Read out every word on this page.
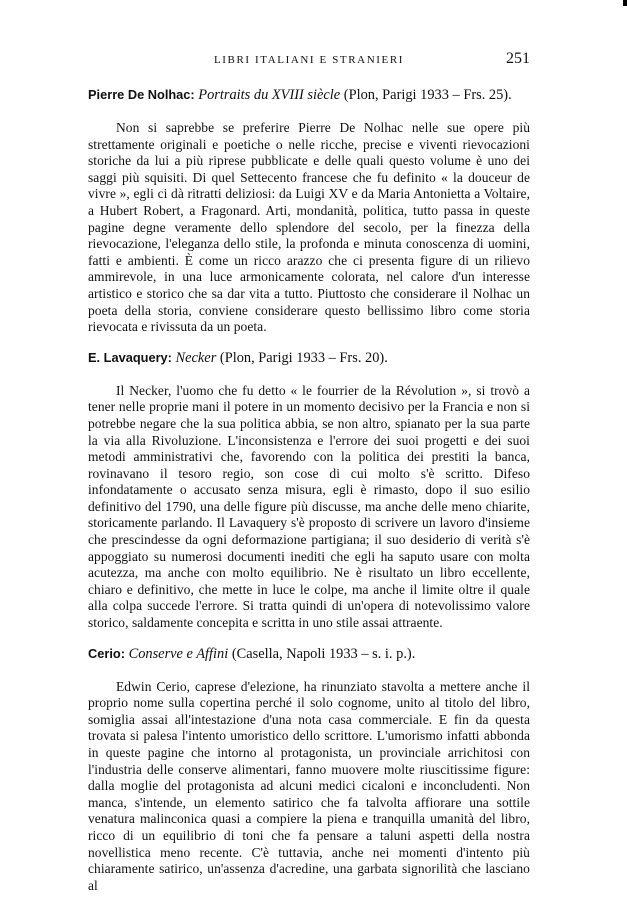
LIBRI ITALIANI E STRANIERI	251
Pierre De Nolhac: Portraits du XVIII siècle (Plon, Parigi 1933 – Frs. 25).

Non si saprebbe se preferire Pierre De Nolhac nelle sue opere più strettamente originali e poetiche o nelle ricche, precise e viventi rievocazioni storiche da lui a più riprese pubblicate e delle quali questo volume è uno dei saggi più squisiti. Di quel Settecento francese che fu definito « la douceur de vivre », egli ci dà ritratti deliziosi: da Luigi XV e da Maria Antonietta a Voltaire, a Hubert Robert, a Fragonard. Arti, mondanità, politica, tutto passa in queste pagine degne veramente dello splendore del secolo, per la finezza della rievocazione, l'eleganza dello stile, la profonda e minuta conoscenza di uomini, fatti e ambienti. È come un ricco arazzo che ci presenta figure di un rilievo ammirevole, in una luce armonicamente colorata, nel calore d'un interesse artistico e storico che sa dar vita a tutto. Piuttosto che considerare il Nolhac un poeta della storia, conviene considerare questo bellissimo libro come storia rievocata e rivissuta da un poeta.

E. Lavaquery: Necker (Plon, Parigi 1933 – Frs. 20).

Il Necker, l'uomo che fu detto « le fourrier de la Révolution », si trovò a tener nelle proprie mani il potere in un momento decisivo per la Francia e non si potrebbe negare che la sua politica abbia, se non altro, spianato per la sua parte la via alla Rivoluzione. L'inconsistenza e l'errore dei suoi progetti e dei suoi metodi amministrativi che, favorendo con la politica dei prestiti la banca, rovinavano il tesoro regio, son cose di cui molto s'è scritto. Difeso infondatamente o accusato senza misura, egli è rimasto, dopo il suo esilio definitivo del 1790, una delle figure più discusse, ma anche delle meno chiarite, storicamente parlando. Il Lavaquery s'è proposto di scrivere un lavoro d'insieme che prescindesse da ogni deformazione partigiana; il suo desiderio di verità s'è appoggiato su numerosi documenti inediti che egli ha saputo usare con molta acutezza, ma anche con molto equilibrio. Ne è risultato un libro eccellente, chiaro e definitivo, che mette in luce le colpe, ma anche il limite oltre il quale alla colpa succede l'errore. Si tratta quindi di un'opera di notevolissimo valore storico, saldamente concepita e scritta in uno stile assai attraente.

Cerio: Conserve e Affini (Casella, Napoli 1933 – s. i. p.).

Edwin Cerio, capresе d'elezione, ha rinunziato stavolta a mettere anche il proprio nome sulla copertina perché il solo cognome, unito al titolo del libro, somiglia assai all'intestazione d'una nota casa commerciale. E fin da questa trovata si palesa l'intento umoristico dello scrittore. L'umorismo infatti abbonda in queste pagine che intorno al protagonista, un provinciale arrichitosi con l'industria delle conserve alimentari, fanno muovere molte riuscitissime figure: dalla moglie del protagonista ad alcuni medici cicaloni e inconcludenti. Non manca, s'intende, un elemento satirico che fa talvolta affiorare una sottile venatura malinconica quasi a compiere la piena e tranquilla umanità del libro, ricco di un equilibrio di toni che fa pensare a taluni aspetti della nostra novellistica meno recente. C'è tuttavia, anche nei momenti d'intento più chiaramente satirico, un'assenza d'acredine, una garbata signorilità che lasciano al
